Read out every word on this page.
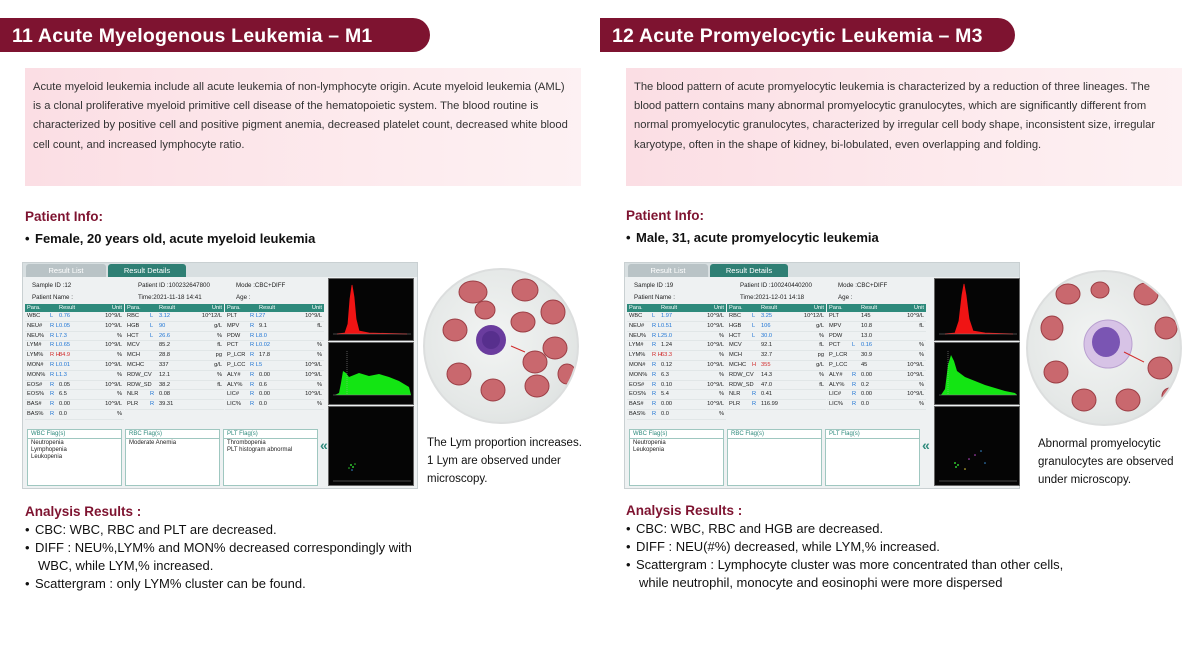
11 Acute Myelogenous Leukemia – M1
Acute myeloid leukemia include all acute leukemia of non-lymphocyte origin. Acute myeloid leukemia (AML) is a clonal proliferative myeloid primitive cell disease of the hematopoietic system. The blood routine is characterized by positive cell and positive pigment anemia, decreased platelet count, decreased white blood cell count, and increased lymphocyte ratio.
Patient Info:
• Female, 20 years old, acute myeloid leukemia
Result List	Result Details
Sample ID :12	Patient ID :100232647800	Mode :CBC+DIFF
Patient Name :	Time:2021-11-18 14:41	Age :
Para.	Result	Unit
WBC L 0.76	10^9/L
NEU# R L 0.05	10^9/L
NEU% R L 7.3	%
LYM# R L 0.65	10^9/L
LYM% R H 84.9	%
MON# R L 0.01	10^9/L
MON% R L 1.3	%
EOS# R 0.05	10^9/L
EOS% R 6.5	%
BAS# R 0.00	10^9/L
BAS% R 0.0	%
Para.	Result	Unit
RBC L 3.12	10^12/L
HGB L 90	g/L
HCT L 26.6	%
MCV	85.2	fL
MCH	28.8	pg
MCHC	337	g/L
RDW_CV 12.1	%
RDW_SD 38.2	fL
NLR R 0.08
PLR R 39.31
Para.	Result	Unit
PLT R L 27	10^9/L
MPV R 9.1	fL
PDW R L 8.0
PCT R L 0.02	%
P_LCR R 17.8	%
P_LCC R L 5	10^9/L
ALY# R 0.00	10^9/L
ALY% R 0.6	%
LIC# R 0.00	10^9/L
LIC% R 0.0	%
WBC Flag(s)
Neutropenia
Lymphopenia
Leukopenia
RBC Flag(s)
Moderate Anemia
PLT Flag(s)
Thrombopenia
PLT histogram abnormal	«	The Lym proportion increases.
1 Lym are observed under
microscopy.
Analysis Results :
• CBC: WBC, RBC and PLT are decreased.
• DIFF : NEU%,LYM% and MON% decreased correspondingly with
WBC, while LYM,% increased.
• Scattergram : only LYM% cluster can be found.
12 Acute Promyelocytic Leukemia – M3
The blood pattern of acute promyelocytic leukemia is characterized by a reduction of three lineages. The blood pattern contains many abnormal promyelocytic granulocytes, which are significantly different from normal promyelocytic granulocytes, characterized by irregular cell body shape, inconsistent size, irregular karyotype, often in the shape of kidney, bi-lobulated, even overlapping and folding.
Patient Info:
• Male, 31, acute promyelocytic leukemia
Result List	Result Details
Sample ID :19	Patient ID :100240440200	Mode :CBC+DIFF
Patient Name :	Time:2021-12-01 14:18	Age :
Para.	Result	Unit
WBC L 1.97	10^9/L
NEU# R L 0.51	10^9/L
NEU% R L 25.0	%
LYM# R 1.24	10^9/L
LYM% R H 63.3	%
MON# R 0.12	10^9/L
MON% R 6.3	%
EOS# R 0.10	10^9/L
EOS% R 5.4	%
BAS# R 0.00	10^9/L
BAS% R 0.0	%
Para.	Result	Unit
RBC L 3.25	10^12/L
HGB L 106	g/L
HCT L 30.0	%
MCV	92.1	fL
MCH	32.7	pg
MCHC H 355	g/L
RDW_CV 14.3	%
RDW_SD 47.0	fL
NLR R 0.41
PLR R 116.99
Para.	Result	Unit
PLT	145	10^9/L
MPV	10.8	fL
PDW	13.0
PCT L 0.16	%
P_LCR 30.9	%
P_LCC 45	10^9/L
ALY# R 0.00	10^9/L
ALY% R 0.2	%
LIC# R 0.00	10^9/L
LIC% R 0.0	%
WBC Flag(s)
Neutropenia
Leukopenia
RBC Flag(s)	PLT Flag(s)
«	Abnormal promyelocytic
granulocytes are observed
under microscopy.
Analysis Results :
• CBC: WBC, RBC and HGB are decreased.
• DIFF : NEU(#%) decreased, while LYM,% increased.
• Scattergram : Lymphocyte cluster was more concentrated than other cells,
while neutrophil, monocyte and eosinophi were more dispersed
